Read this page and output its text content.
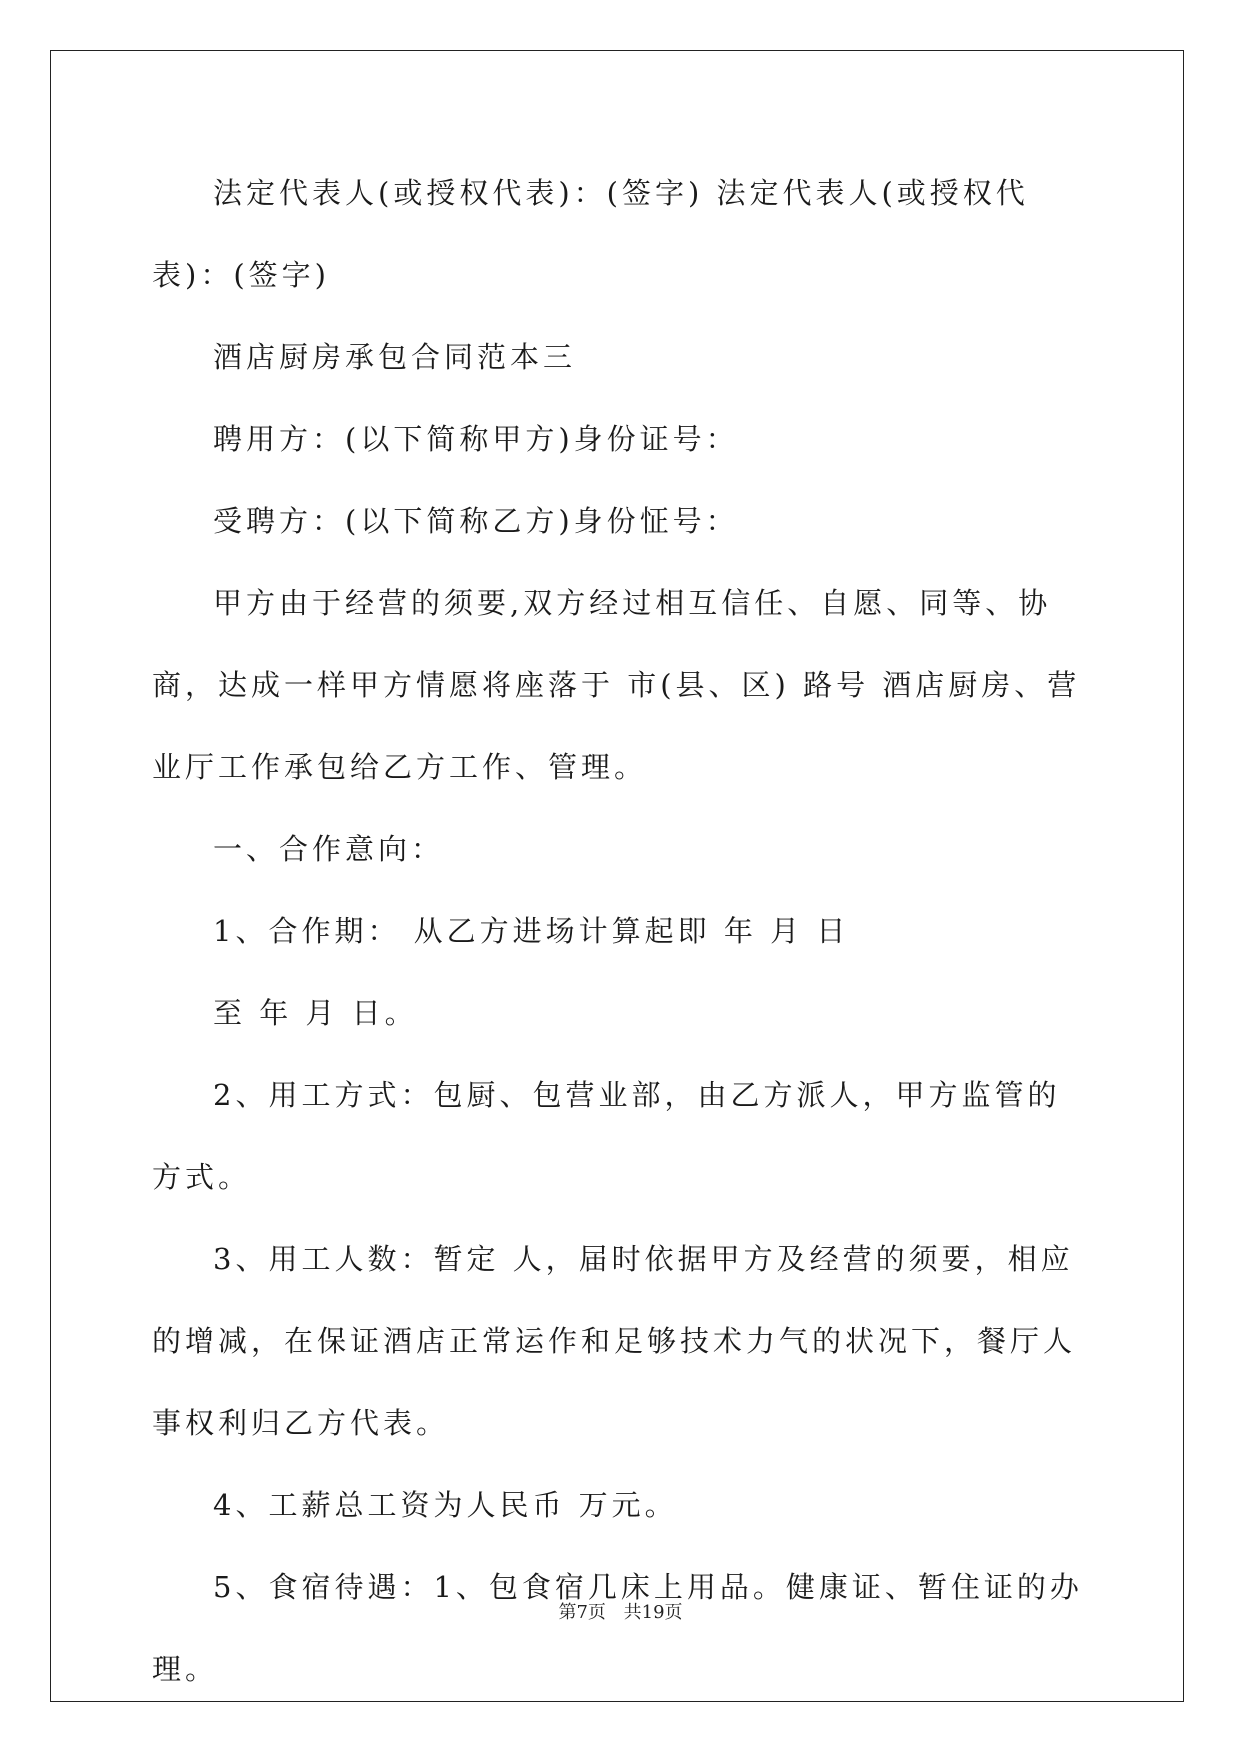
法定代表人(或授权代表)：(签字) 法定代表人(或授权代表)：(签字)

酒店厨房承包合同范本三

聘用方：(以下简称甲方)身份证号：

受聘方：(以下简称乙方)身份怔号：

甲方由于经营的须要,双方经过相互信任、自愿、同等、协商，达成一样甲方情愿将座落于 市(县、区) 路号 酒店厨房、营业厅工作承包给乙方工作、管理。

一、合作意向：

1、合作期： 从乙方进场计算起即 年 月 日

至 年 月 日。

2、用工方式：包厨、包营业部，由乙方派人，甲方监管的方式。

3、用工人数：暂定 人，届时依据甲方及经营的须要，相应的增减，在保证酒店正常运作和足够技术力气的状况下，餐厅人事权利归乙方代表。

4、工薪总工资为人民币 万元。

5、食宿待遇：1、包食宿几床上用品。健康证、暂住证的办理。

第7页 共19页
